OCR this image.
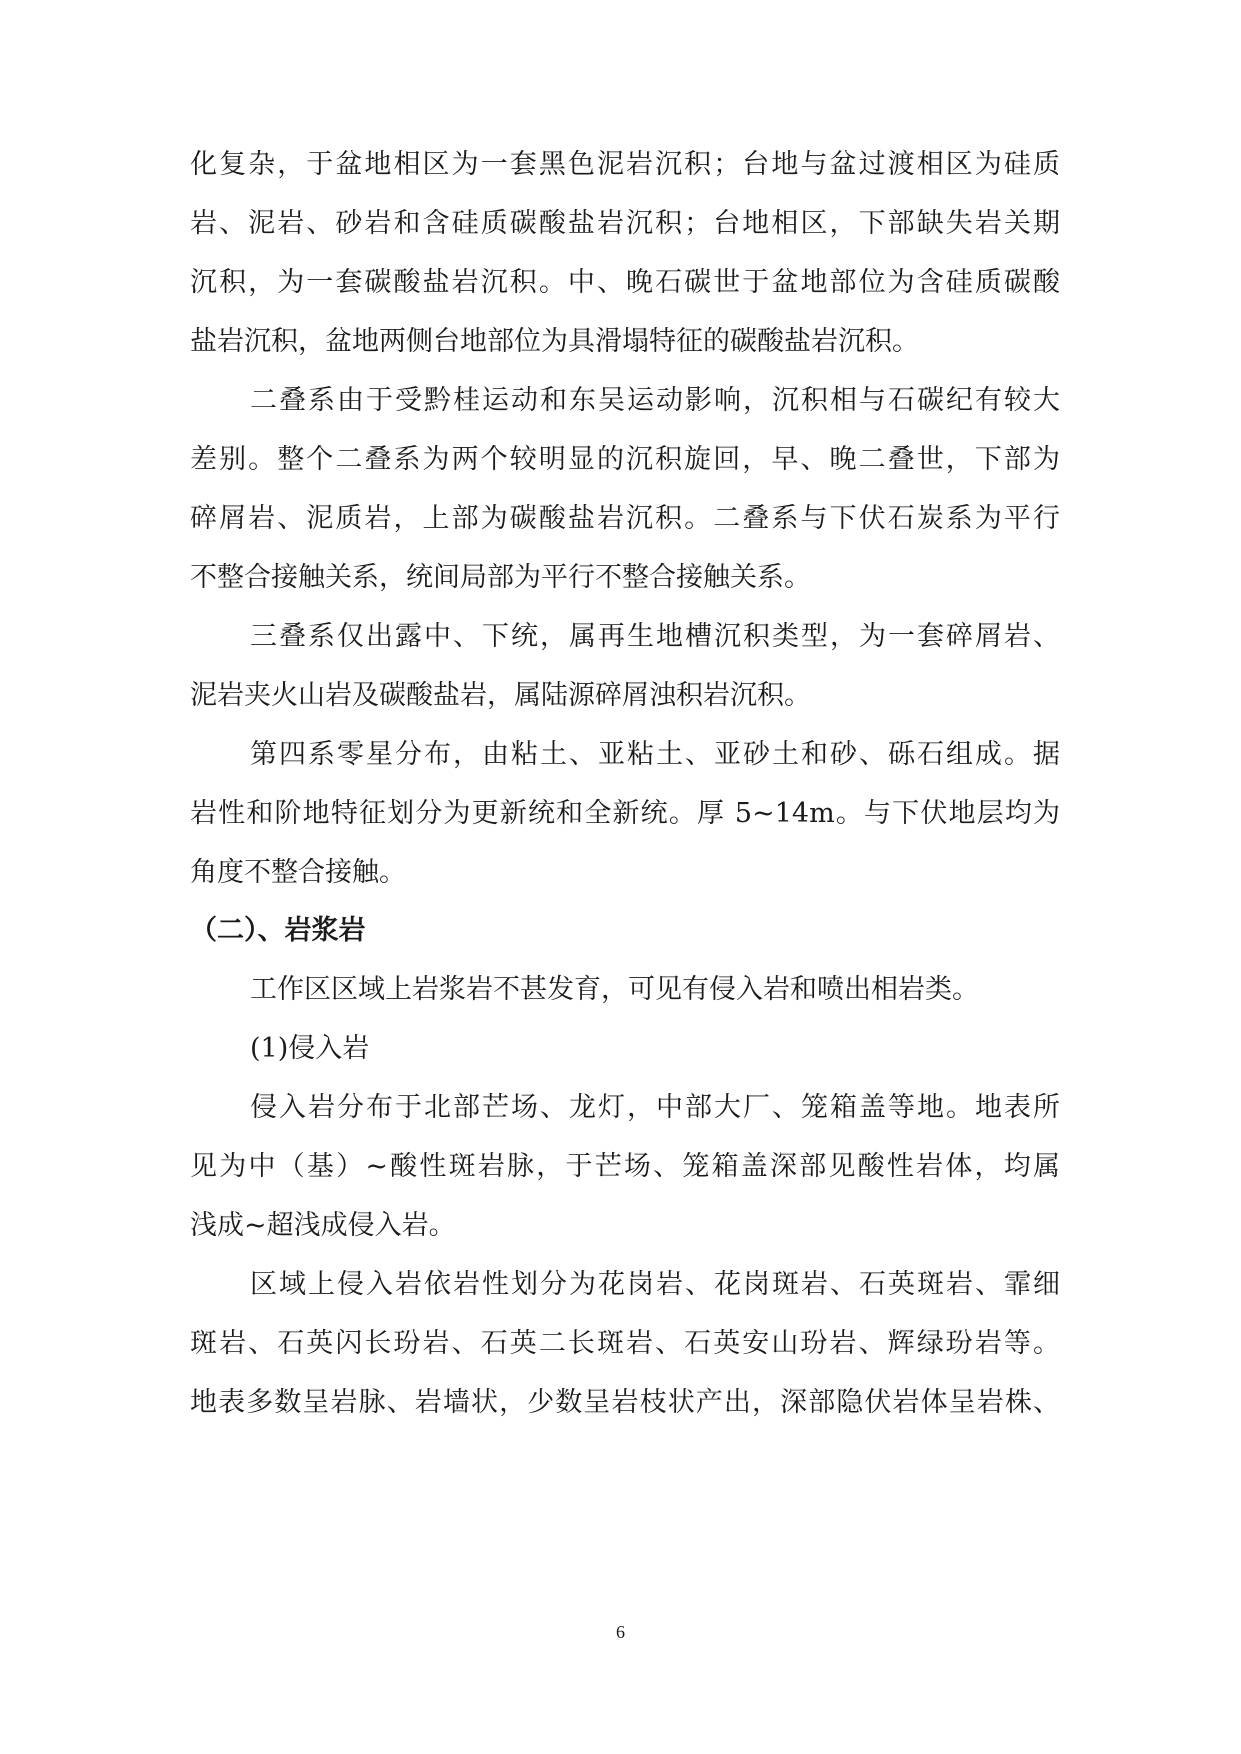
化复杂，于盆地相区为一套黑色泥岩沉积；台地与盆过渡相区为硅质
岩、泥岩、砂岩和含硅质碳酸盐岩沉积；台地相区，下部缺失岩关期
沉积，为一套碳酸盐岩沉积。中、晚石碳世于盆地部位为含硅质碳酸
盐岩沉积，盆地两侧台地部位为具滑塌特征的碳酸盐岩沉积。
二叠系由于受黔桂运动和东吴运动影响，沉积相与石碳纪有较大
差别。整个二叠系为两个较明显的沉积旋回，早、晚二叠世，下部为
碎屑岩、泥质岩，上部为碳酸盐岩沉积。二叠系与下伏石炭系为平行
不整合接触关系，统间局部为平行不整合接触关系。
三叠系仅出露中、下统，属再生地槽沉积类型，为一套碎屑岩、
泥岩夹火山岩及碳酸盐岩，属陆源碎屑浊积岩沉积。
第四系零星分布，由粘土、亚粘土、亚砂土和砂、砾石组成。据
岩性和阶地特征划分为更新统和全新统。厚 5~14m。与下伏地层均为
角度不整合接触。
（二）、岩浆岩
工作区区域上岩浆岩不甚发育，可见有侵入岩和喷出相岩类。
(1)侵入岩
侵入岩分布于北部芒场、龙灯，中部大厂、笼箱盖等地。地表所
见为中（基）~酸性斑岩脉，于芒场、笼箱盖深部见酸性岩体，均属
浅成~超浅成侵入岩。
区域上侵入岩依岩性划分为花岗岩、花岗斑岩、石英斑岩、霏细
斑岩、石英闪长玢岩、石英二长斑岩、石英安山玢岩、辉绿玢岩等。
地表多数呈岩脉、岩墙状，少数呈岩枝状产出，深部隐伏岩体呈岩株、
6
